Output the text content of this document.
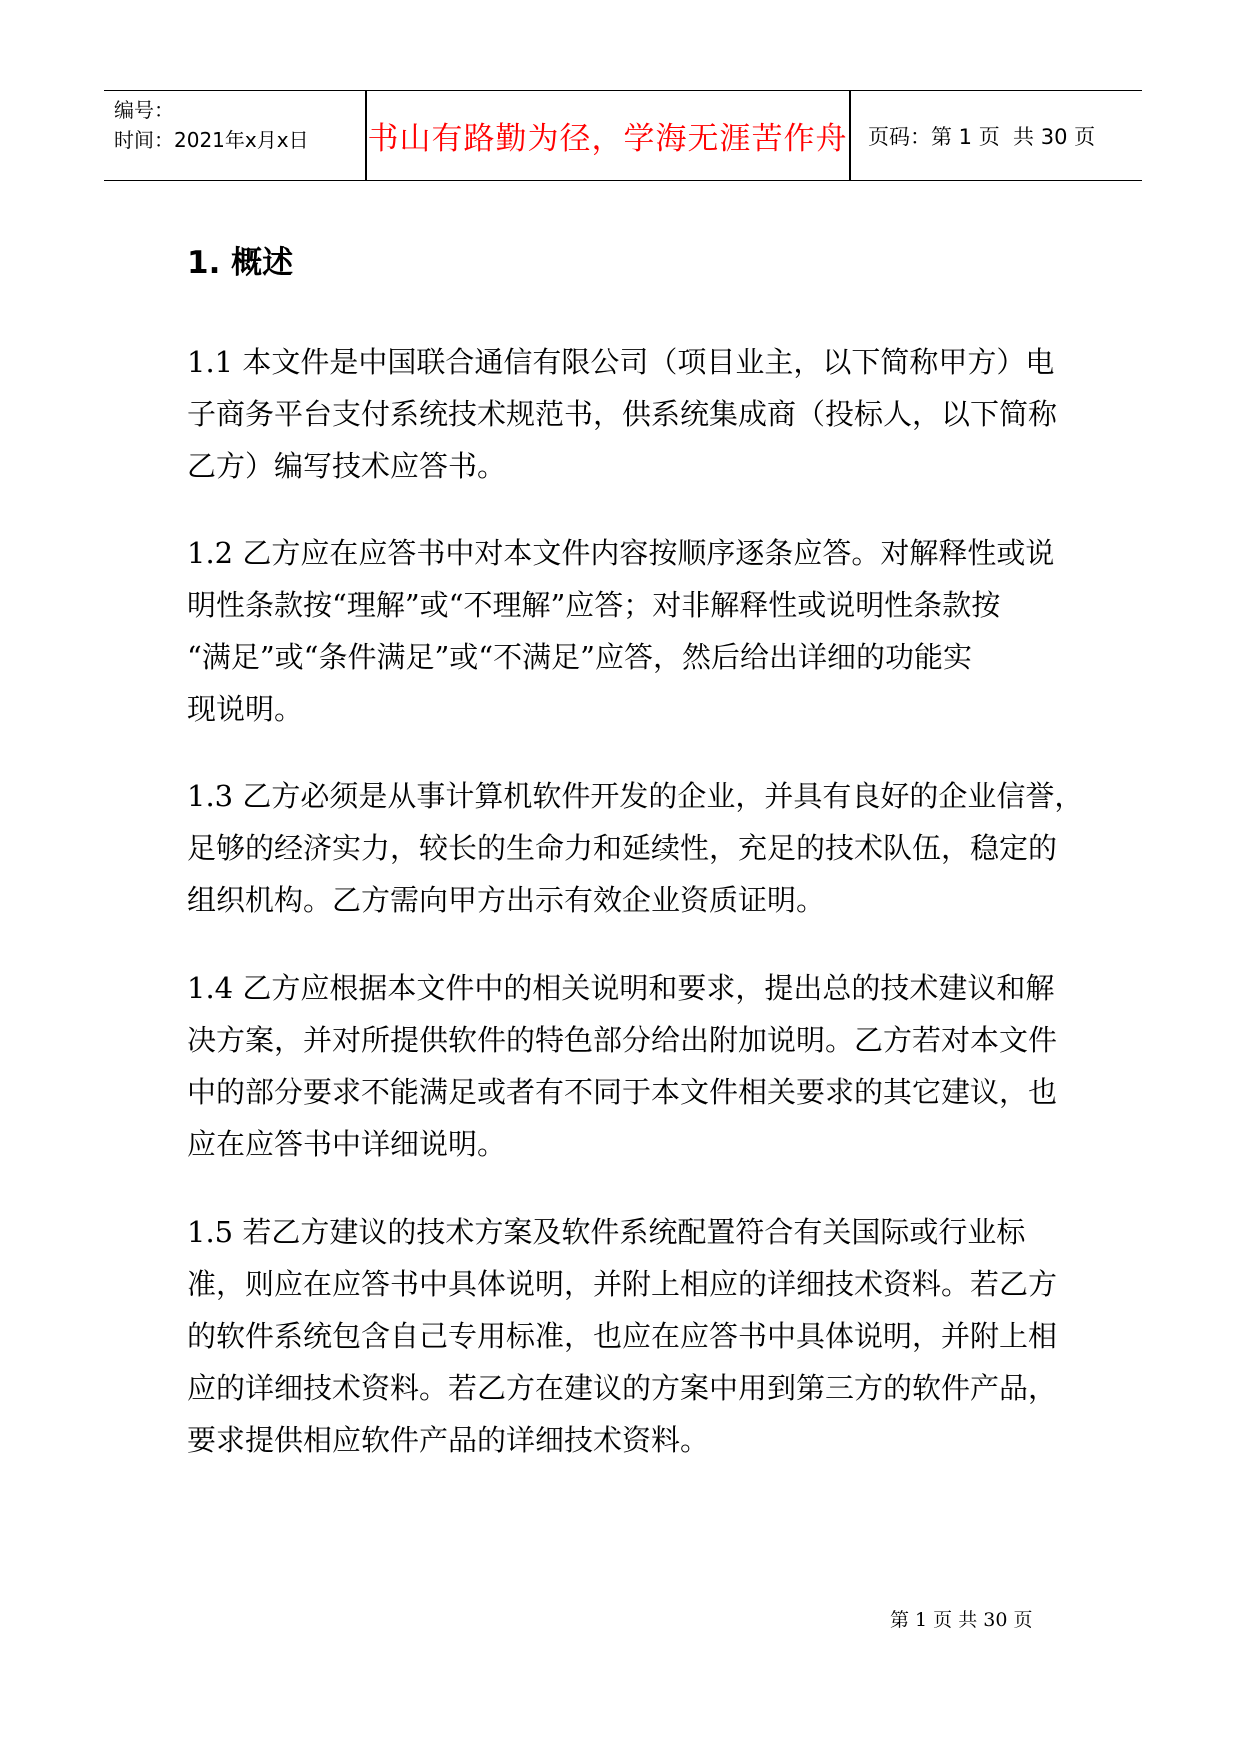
编号：
时间：2021年x月x日	书山有路勤为径，学海无涯苦作舟 页码：第 1 页  共 30 页
1. 概述
1.1 本文件是中国联合通信有限公司（项目业主，以下简称甲方）电
子商务平台支付系统技术规范书，供系统集成商（投标人，以下简称
乙方）编写技术应答书。
1.2 乙方应在应答书中对本文件内容按顺序逐条应答。对解释性或说
明性条款按“理解”或“不理解”应答；对非解释性或说明性条款按
“满足”或“条件满足”或“不满足”应答，然后给出详细的功能实
现说明。
1.3 乙方必须是从事计算机软件开发的企业，并具有良好的企业信誉，
足够的经济实力，较长的生命力和延续性，充足的技术队伍，稳定的
组织机构。乙方需向甲方出示有效企业资质证明。
1.4 乙方应根据本文件中的相关说明和要求，提出总的技术建议和解
决方案，并对所提供软件的特色部分给出附加说明。乙方若对本文件
中的部分要求不能满足或者有不同于本文件相关要求的其它建议，也
应在应答书中详细说明。
1.5 若乙方建议的技术方案及软件系统配置符合有关国际或行业标
准，则应在应答书中具体说明，并附上相应的详细技术资料。若乙方
的软件系统包含自己专用标准，也应在应答书中具体说明，并附上相
应的详细技术资料。若乙方在建议的方案中用到第三方的软件产品，
要求提供相应软件产品的详细技术资料。
第 1 页 共 30 页
